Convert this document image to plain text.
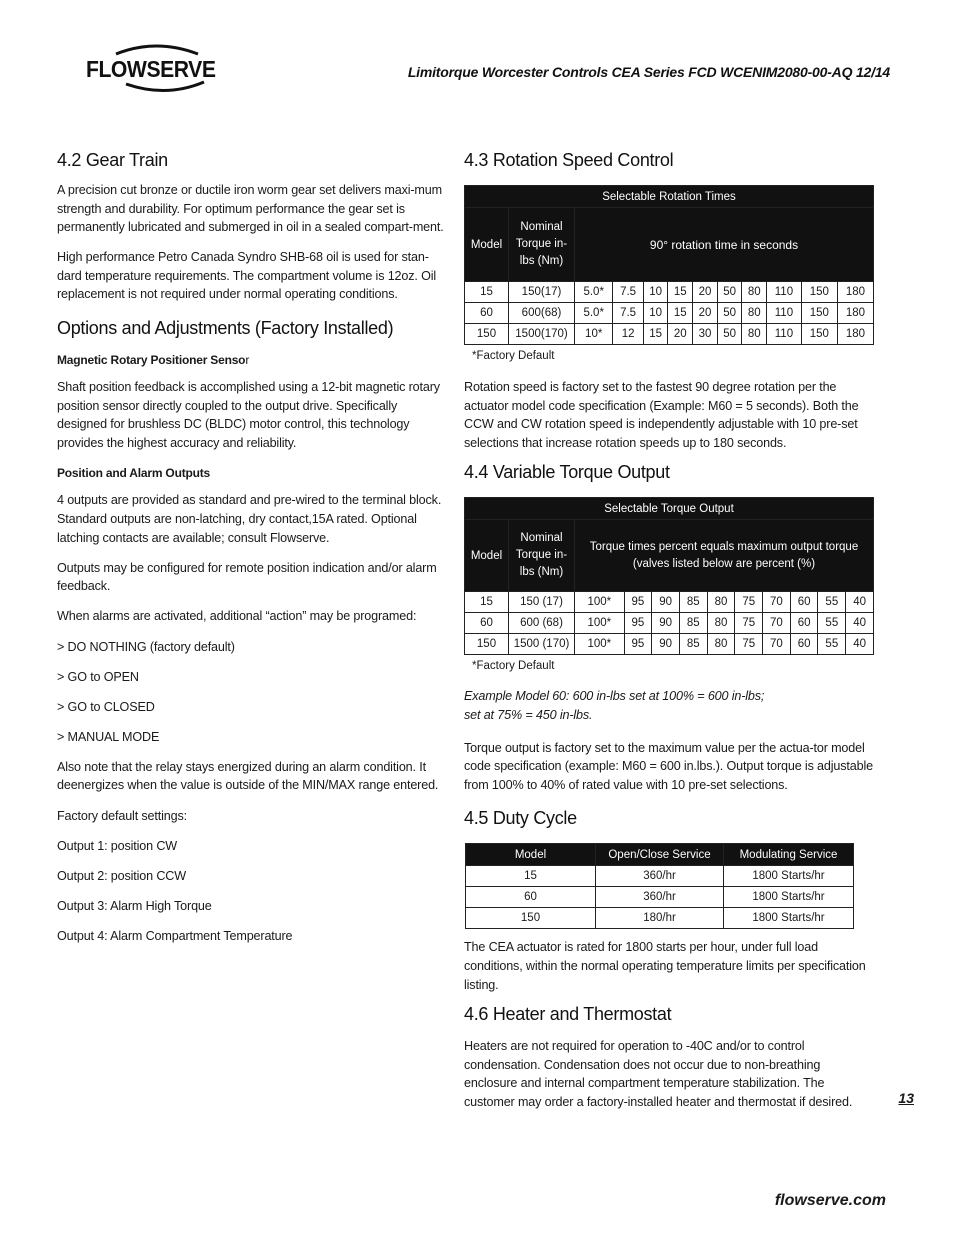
FLOWSERVE	Limitorque Worcester Controls CEA Series FCD WCENIM2080-00-AQ 12/14
4.2 Gear Train

A precision cut bronze or ductile iron worm gear set delivers maxi-mum strength and durability. For optimum performance the gear set is permanently lubricated and submerged in oil in a sealed compart-ment.

High performance Petro Canada Syndro SHB-68 oil is used for stan-dard temperature requirements. The compartment volume is 12oz. Oil replacement is not required under normal operating conditions.

Options and Adjustments (Factory Installed)
Magnetic Rotary Positioner Sensor

Shaft position feedback is accomplished using a 12-bit magnetic rotary position sensor directly coupled to the output drive. Specifically designed for brushless DC (BLDC) motor control, this technology provides the highest accuracy and reliability.

Position and Alarm Outputs

4 outputs are provided as standard and pre-wired to the terminal block. Standard outputs are non-latching, dry contact,15A rated. Optional latching contacts are available; consult Flowserve.

Outputs may be configured for remote position indication and/or alarm feedback.

When alarms are activated, additional “action” may be programed:

> DO NOTHING (factory default)

> GO to OPEN

> GO to CLOSED

> MANUAL MODE

Also note that the relay stays energized during an alarm condition. It deenergizes when the value is outside of the MIN/MAX range entered.

Factory default settings:

Output 1: position CW

Output 2: position CCW

Output 3: Alarm High Torque

Output 4: Alarm Compartment Temperature

4.3 Rotation Speed Control
Selectable Rotation Times											
Model	Nominal Torque in-lbs (Nm)	90° rotation time in seconds									
15	150(17)	5.0*	7.5	10	15	20	50	80	110	150	180
60	600(68)	5.0*	7.5	10	15	20	50	80	110	150	180
150	1500(170)	10*	12	15	20	30	50	80	110	150	180
*Factory Default

Rotation speed is factory set to the fastest 90 degree rotation per the actuator model code specification (Example: M60 = 5 seconds). Both the CCW and CW rotation speed is independently adjustable with 10 pre-set selections that increase rotation speeds up to 180 seconds.

4.4 Variable Torque Output
Selectable Torque Output											
Model	Nominal Torque in-lbs (Nm)	Torque times percent equals maximum output torque (valves listed below are percent (%)									
15	150 (17)	100*	95	90	85	80	75	70	60	55	40
60	600 (68)	100*	95	90	85	80	75	70	60	55	40
150	1500 (170)	100*	95	90	85	80	75	70	60	55	40
*Factory Default

Example Model 60: 600 in-lbs set at 100% = 600 in-lbs;
set at 75% = 450 in-lbs.

Torque output is factory set to the maximum value per the actua-tor model code specification (example: M60 = 600 in.lbs.). Output torque is adjustable from 100% to 40% of rated value with 10 pre-set selections.

4.5 Duty Cycle
Model	Open/Close Service	Modulating Service
15	360/hr	1800 Starts/hr
60	360/hr	1800 Starts/hr
150	180/hr	1800 Starts/hr

The CEA actuator is rated for 1800 starts per hour, under full load conditions, within the normal operating temperature limits per specification listing.

4.6 Heater and Thermostat

Heaters are not required for operation to -40C and/or to control condensation. Condensation does not occur due to non-breathing enclosure and internal compartment temperature stabilization. The customer may order a factory-installed heater and thermostat if desired.	13
flowserve.com
